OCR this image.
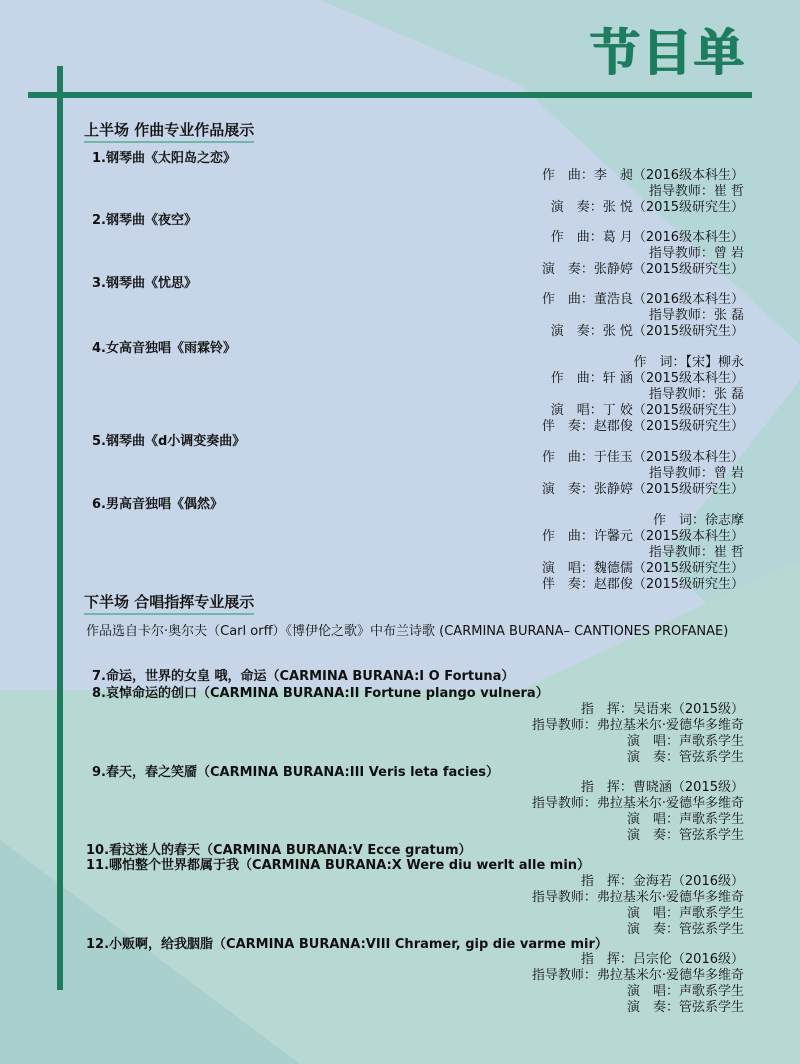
节目单
上半场 作曲专业作品展示
1.钢琴曲《太阳岛之恋》
作　曲：李　昶（2016级本科生）
指导教师：崔 哲
演　奏：张 悦（2015级研究生）
2.钢琴曲《夜空》
作　曲：葛 月（2016级本科生）
指导教师：曾 岩
演　奏：张静婷（2015级研究生）
3.钢琴曲《忧思》
作　曲：董浩良（2016级本科生）
指导教师：张 磊
演　奏：张 悦（2015级研究生）
4.女高音独唱《雨霖铃》
作　词：【宋】柳永
作　曲：轩 涵（2015级本科生）
指导教师：张 磊
演　唱：丁 姣（2015级研究生）
伴　奏：赵郡俊（2015级研究生）
5.钢琴曲《d小调变奏曲》
作　曲：于佳玉（2015级本科生）
指导教师：曾 岩
演　奏：张静婷（2015级研究生）
6.男高音独唱《偶然》
作　词：徐志摩
作　曲：许馨元（2015级本科生）
指导教师：崔 哲
演　唱：魏德儒（2015级研究生）
伴　奏：赵郡俊（2015级研究生）
下半场 合唱指挥专业展示

作品选自卡尔·奥尔夫（Carl orff）《博伊伦之歌》中布兰诗歌 (CARMINA BURANA– CANTIONES PROFANAE)

7.命运，世界的女皇 哦，命运（CARMINA BURANA:I O Fortuna）
8.哀悼命运的创口（CARMINA BURANA:II Fortune plango vulnera）
指　挥：吴语来（2015级）
指导教师：弗拉基米尔·爱德华多维奇
演　唱：声歌系学生
演　奏：管弦系学生
9.春天，春之笑靥（CARMINA BURANA:III Veris leta facies）
指　挥：曹晓涵（2015级）
指导教师：弗拉基米尔·爱德华多维奇
演　唱：声歌系学生
演　奏：管弦系学生
10.看这迷人的春天（CARMINA BURANA:V Ecce gratum）
11.哪怕整个世界都属于我（CARMINA BURANA:X Were diu werlt alle min）
指　挥：金海若（2016级）
指导教师：弗拉基米尔·爱德华多维奇
演　唱：声歌系学生
演　奏：管弦系学生
12.小贩啊，给我胭脂（CARMINA BURANA:VIII Chramer, gip die varme mir）
指　挥：吕宗伦（2016级）
指导教师：弗拉基米尔·爱德华多维奇
演　唱：声歌系学生
演　奏：管弦系学生
